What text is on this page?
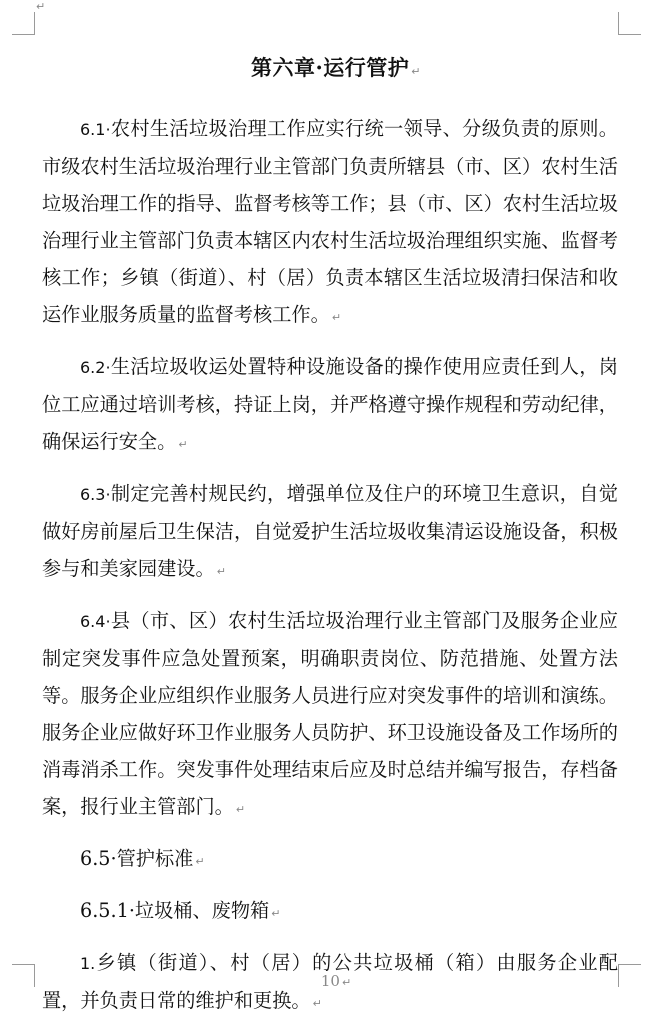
↵
第六章·运行管护 ↵

6.1·农村生活垃圾治理工作应实行统一领导、分级负责的原则。市级农村生活垃圾治理行业主管部门负责所辖县（市、区）农村生活垃圾治理工作的指导、监督考核等工作；县（市、区）农村生活垃圾治理行业主管部门负责本辖区内农村生活垃圾治理组织实施、监督考核工作；乡镇（街道）、村（居）负责本辖区生活垃圾清扫保洁和收运作业服务质量的监督考核工作。 ↵

6.2·生活垃圾收运处置特种设施设备的操作使用应责任到人，岗位工应通过培训考核，持证上岗，并严格遵守操作规程和劳动纪律，确保运行安全。 ↵

6.3·制定完善村规民约，增强单位及住户的环境卫生意识，自觉做好房前屋后卫生保洁，自觉爱护生活垃圾收集清运设施设备，积极参与和美家园建设。 ↵

6.4·县（市、区）农村生活垃圾治理行业主管部门及服务企业应制定突发事件应急处置预案，明确职责岗位、防范措施、处置方法等。服务企业应组织作业服务人员进行应对突发事件的培训和演练。服务企业应做好环卫作业服务人员防护、环卫设施设备及工作场所的消毒消杀工作。突发事件处理结束后应及时总结并编写报告，存档备案，报行业主管部门。 ↵

6.5·管护标准 ↵

6.5.1·垃圾桶、废物箱 ↵

1.乡镇（街道）、村（居）的公共垃圾桶（箱）由服务企业配置，并负责日常的维护和更换。 ↵

10 ↵
